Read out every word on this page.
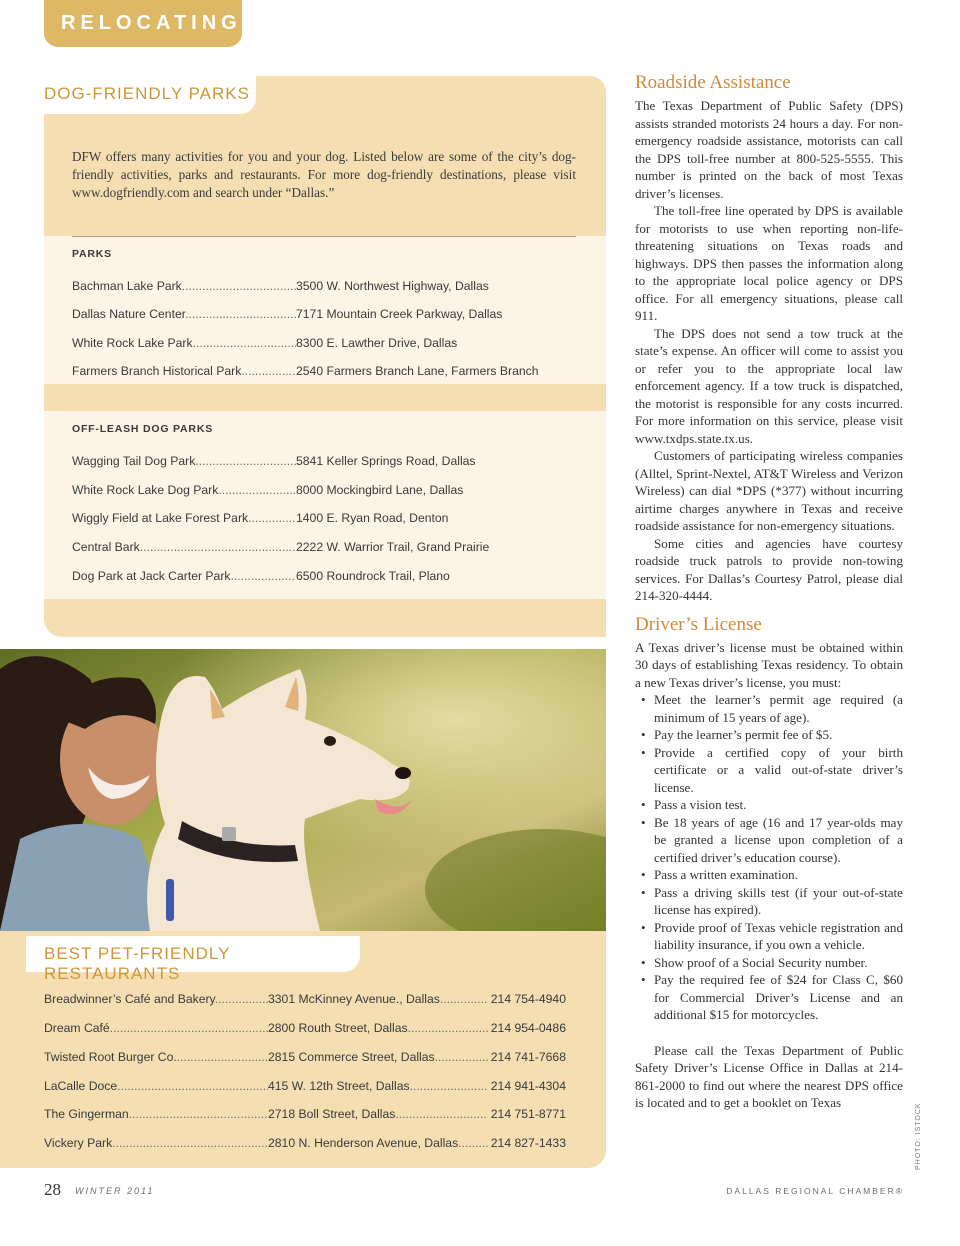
RELOCATING
DOG-FRIENDLY PARKS

DFW offers many activities for you and your dog. Listed below are some of the city’s dog-friendly activities, parks and restaurants. For more dog-friendly destinations, please visit www.dogfriendly.com and search under “Dallas.”

PARKS
Bachman Lake Park .....	3500 W. Northwest Highway, Dallas
Dallas Nature Center .....	7171 Mountain Creek Parkway, Dallas
White Rock Lake Park .....	8300 E. Lawther Drive, Dallas
Farmers Branch Historical Park .....	2540 Farmers Branch Lane, Farmers Branch
OFF-LEASH DOG PARKS
Wagging Tail Dog Park .....	5841 Keller Springs Road, Dallas
White Rock Lake Dog Park .....	8000 Mockingbird Lane, Dallas
Wiggly Field at Lake Forest Park .....	1400 E. Ryan Road, Denton
Central Bark .....	2222 W. Warrior Trail, Grand Prairie
Dog Park at Jack Carter Park .....	6500 Roundrock Trail, Plano
BEST PET-FRIENDLY RESTAURANTS
Breadwinner’s Café and Bakery .....	3301 McKinney Avenue., Dallas .....	214 754-4940
Dream Café .....	2800 Routh Street, Dallas .....	214 954-0486
Twisted Root Burger Co. .....	2815 Commerce Street, Dallas .....	214 741-7668
LaCalle Doce .....	415 W. 12th Street, Dallas .....	214 941-4304
The Gingerman .....	2718 Boll Street, Dallas .....	214 751-8771
Vickery Park .....	2810 N. Henderson Avenue, Dallas .....	214 827-1433
Roadside Assistance

The Texas Department of Public Safety (DPS) assists stranded motorists 24 hours a day. For non-emergency roadside assistance, motorists can call the DPS toll-free number at 800-525-5555. This number is printed on the back of most Texas driver’s licenses.

The toll-free line operated by DPS is available for motorists to use when reporting non-life-threatening situations on Texas roads and highways. DPS then passes the information along to the appropriate local police agency or DPS office. For all emergency situations, please call 911.

The DPS does not send a tow truck at the state’s expense. An officer will come to assist you or refer you to the appropriate local law enforcement agency. If a tow truck is dispatched, the motorist is responsible for any costs incurred. For more information on this service, please visit www.txdps.state.tx.us.

Customers of participating wireless companies (Alltel, Sprint-Nextel, AT&T Wireless and Verizon Wireless) can dial *DPS (*377) without incurring airtime charges anywhere in Texas and receive roadside assistance for non-emergency situations.

Some cities and agencies have courtesy roadside truck patrols to provide non-towing services. For Dallas’s Courtesy Patrol, please dial 214-320-4444.

Driver’s License

A Texas driver’s license must be obtained within 30 days of establishing Texas residency. To obtain a new Texas driver’s license, you must:

• Meet the learner’s permit age required (a minimum of 15 years of age).
• Pay the learner’s permit fee of $5.
• Provide a certified copy of your birth certificate or a valid out-of-state driver’s license.
• Pass a vision test.
• Be 18 years of age (16 and 17 year-olds may be granted a license upon completion of a certified driver’s education course).
• Pass a written examination.
• Pass a driving skills test (if your out-of-state license has expired).
• Provide proof of Texas vehicle registration and liability insurance, if you own a vehicle.
• Show proof of a Social Security number.
• Pay the required fee of $24 for Class C, $60 for Commercial Driver’s License and an additional $15 for motorcycles.

Please call the Texas Department of Public Safety Driver’s License Office in Dallas at 214-861-2000 to find out where the nearest DPS office is located and to get a booklet on Texas

28 WINTER 2011	DALLAS REGIONAL CHAMBER®
PHOTO: ISTOCK
